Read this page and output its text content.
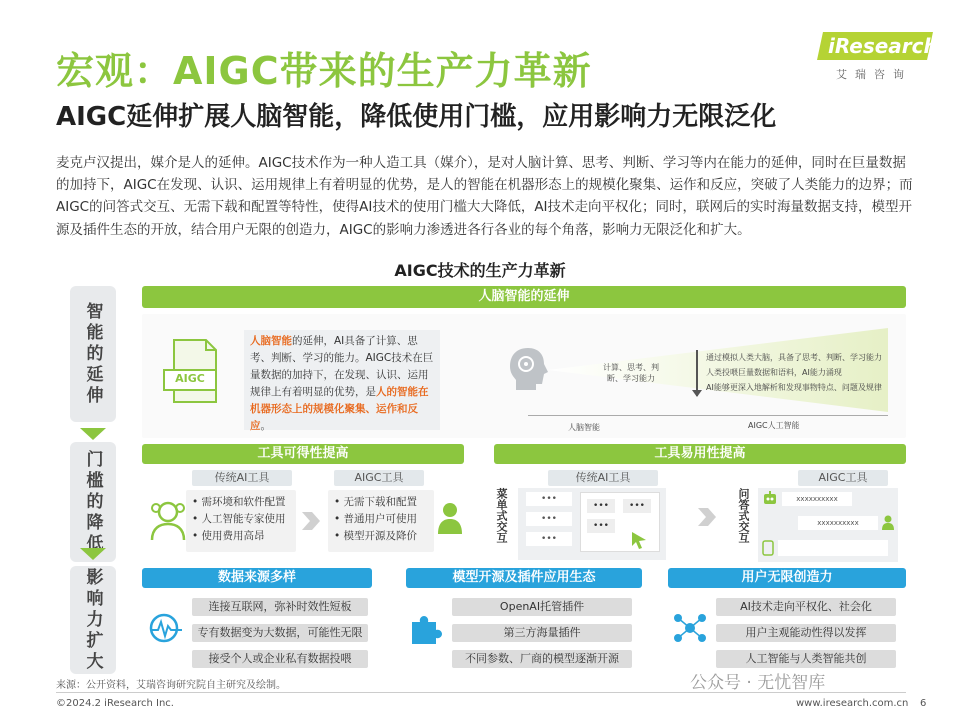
宏观：AIGC带来的生产力革新
AIGC延伸扩展人脑智能，降低使用门槛，应用影响力无限泛化
iResearch
艾瑞咨询
麦克卢汉提出，媒介是人的延伸。AIGC技术作为一种人造工具（媒介），是对人脑计算、思考、判断、学习等内在能力的延伸，同时在巨量数据的加持下，AIGC在发现、认识、运用规律上有着明显的优势，是人的智能在机器形态上的规模化聚集、运作和反应，突破了人类能力的边界；而AIGC的问答式交互、无需下载和配置等特性，使得AI技术的使用门槛大大降低，AI技术走向平权化；同时，联网后的实时海量数据支持，模型开源及插件生态的开放，结合用户无限的创造力，AIGC的影响力渗透进各行各业的每个角落，影响力无限泛化和扩大。
AIGC技术的生产力革新
智能的延伸
门槛的降低
影响力扩大
人脑智能的延伸
AIGC
人脑智能的延伸，AI具备了计算、思考、判断、学习的能力。AIGC技术在巨量数据的加持下，在发现、认识、运用规律上有着明显的优势，是人的智能在机器形态上的规模化聚集、运作和反应。
计算、思考、判断、学习能力
通过模拟人类大脑，具备了思考、判断、学习能力
人类投喂巨量数据和语料，AI能力涌现
AI能够更深入地解析和发现事物特点、问题及规律
人脑智能	AIGC人工智能
工具可得性提高	工具易用性提高
传统AI工具
• 需环境和软件配置
• 人工智能专家使用
• 使用费用高昂
AIGC工具
• 无需下载和配置
• 普通用户可使用
• 模型开源及降价	菜单式交互
传统AI工具
•••
•••
•••
•••	•••
•••	问答式交互
AIGC工具
xxxxxxxxxx
xxxxxxxxxx
数据来源多样	模型开源及插件应用生态	用户无限创造力
连接互联网，弥补时效性短板
专有数据变为大数据，可能性无限
接受个人或企业私有数据投喂
OpenAI托管插件
第三方海量插件
不同参数、厂商的模型逐渐开源
AI技术走向平权化、社会化
用户主观能动性得以发挥
人工智能与人类智能共创
来源：公开资料，艾瑞咨询研究院自主研究及绘制。
©2024.2 iResearch Inc.	www.iresearch.com.cn 6
公众号 · 无忧智库
